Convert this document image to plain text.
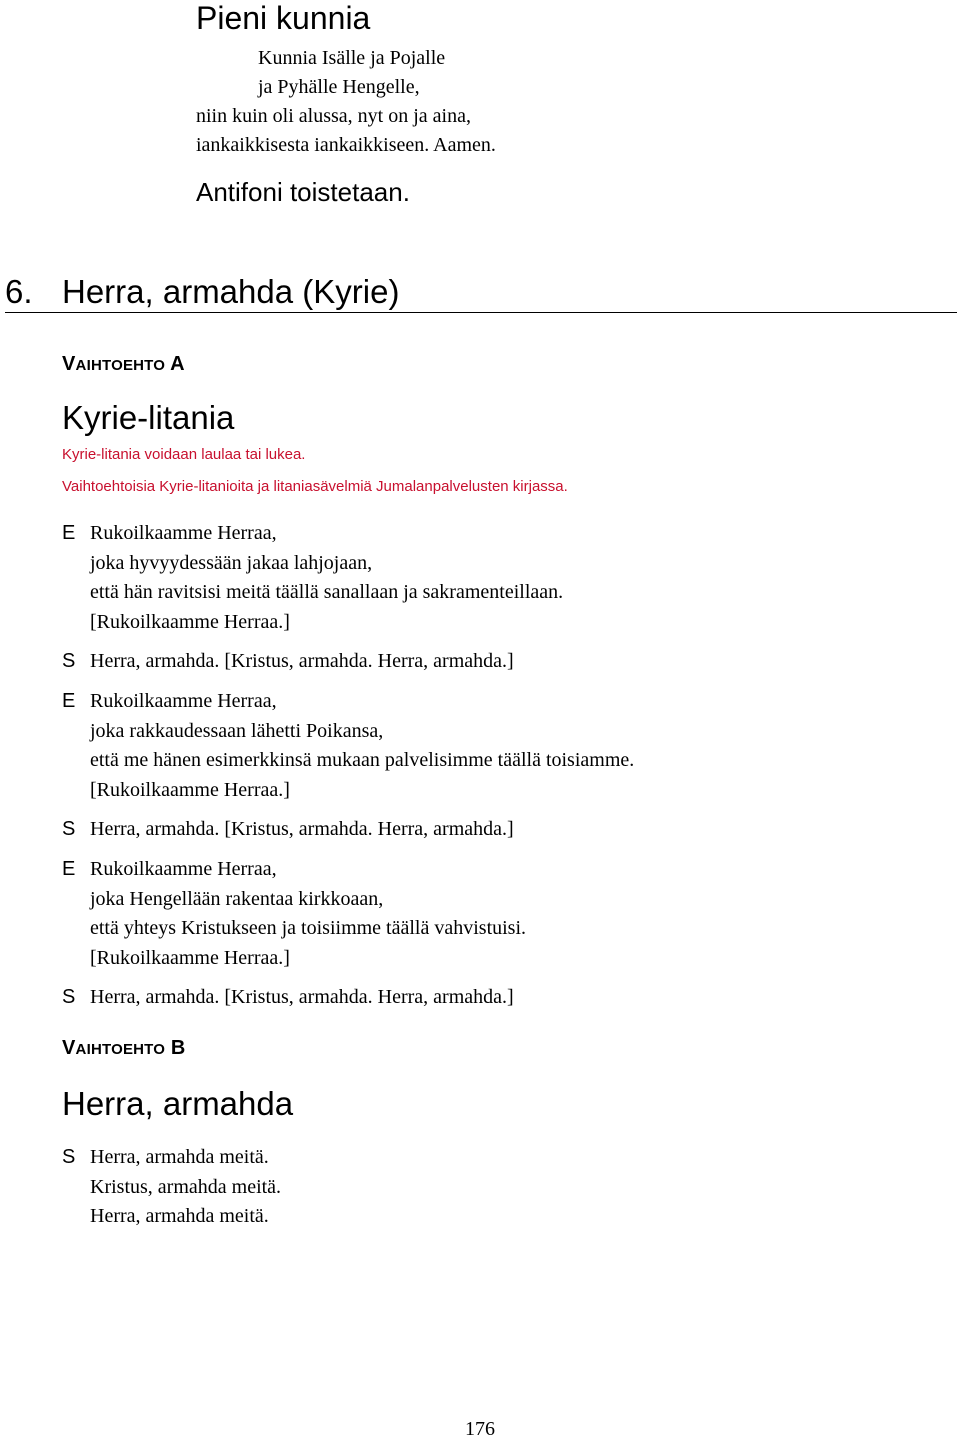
Pieni kunnia
Kunnia Isälle ja Pojalle
ja Pyhälle Hengelle,
niin kuin oli alussa, nyt on ja aina,
iankaikkisesta iankaikkiseen. Aamen.
Antifoni toistetaan.
6. Herra, armahda (Kyrie)
VAIHTOEHTO A
Kyrie-litania
Kyrie-litania voidaan laulaa tai lukea.
Vaihtoehtoisia Kyrie-litanioita ja litaniasävelmiä Jumalanpalvelusten kirjassa.
E Rukoilkaamme Herraa,
joka hyvyydessään jakaa lahjojaan,
että hän ravitsisi meitä täällä sanallaan ja sakramenteillaan.
[Rukoilkaamme Herraa.]
S Herra, armahda. [Kristus, armahda. Herra, armahda.]
E Rukoilkaamme Herraa,
joka rakkaudessaan lähetti Poikansa,
että me hänen esimerkkinsä mukaan palvelisimme täällä toisiamme.
[Rukoilkaamme Herraa.]
S Herra, armahda. [Kristus, armahda. Herra, armahda.]
E Rukoilkaamme Herraa,
joka Hengellään rakentaa kirkkoaan,
että yhteys Kristukseen ja toisiimme täällä vahvistuisi.
[Rukoilkaamme Herraa.]
S Herra, armahda. [Kristus, armahda. Herra, armahda.]
VAIHTOEHTO B
Herra, armahda
S Herra, armahda meitä.
Kristus, armahda meitä.
Herra, armahda meitä.
176
